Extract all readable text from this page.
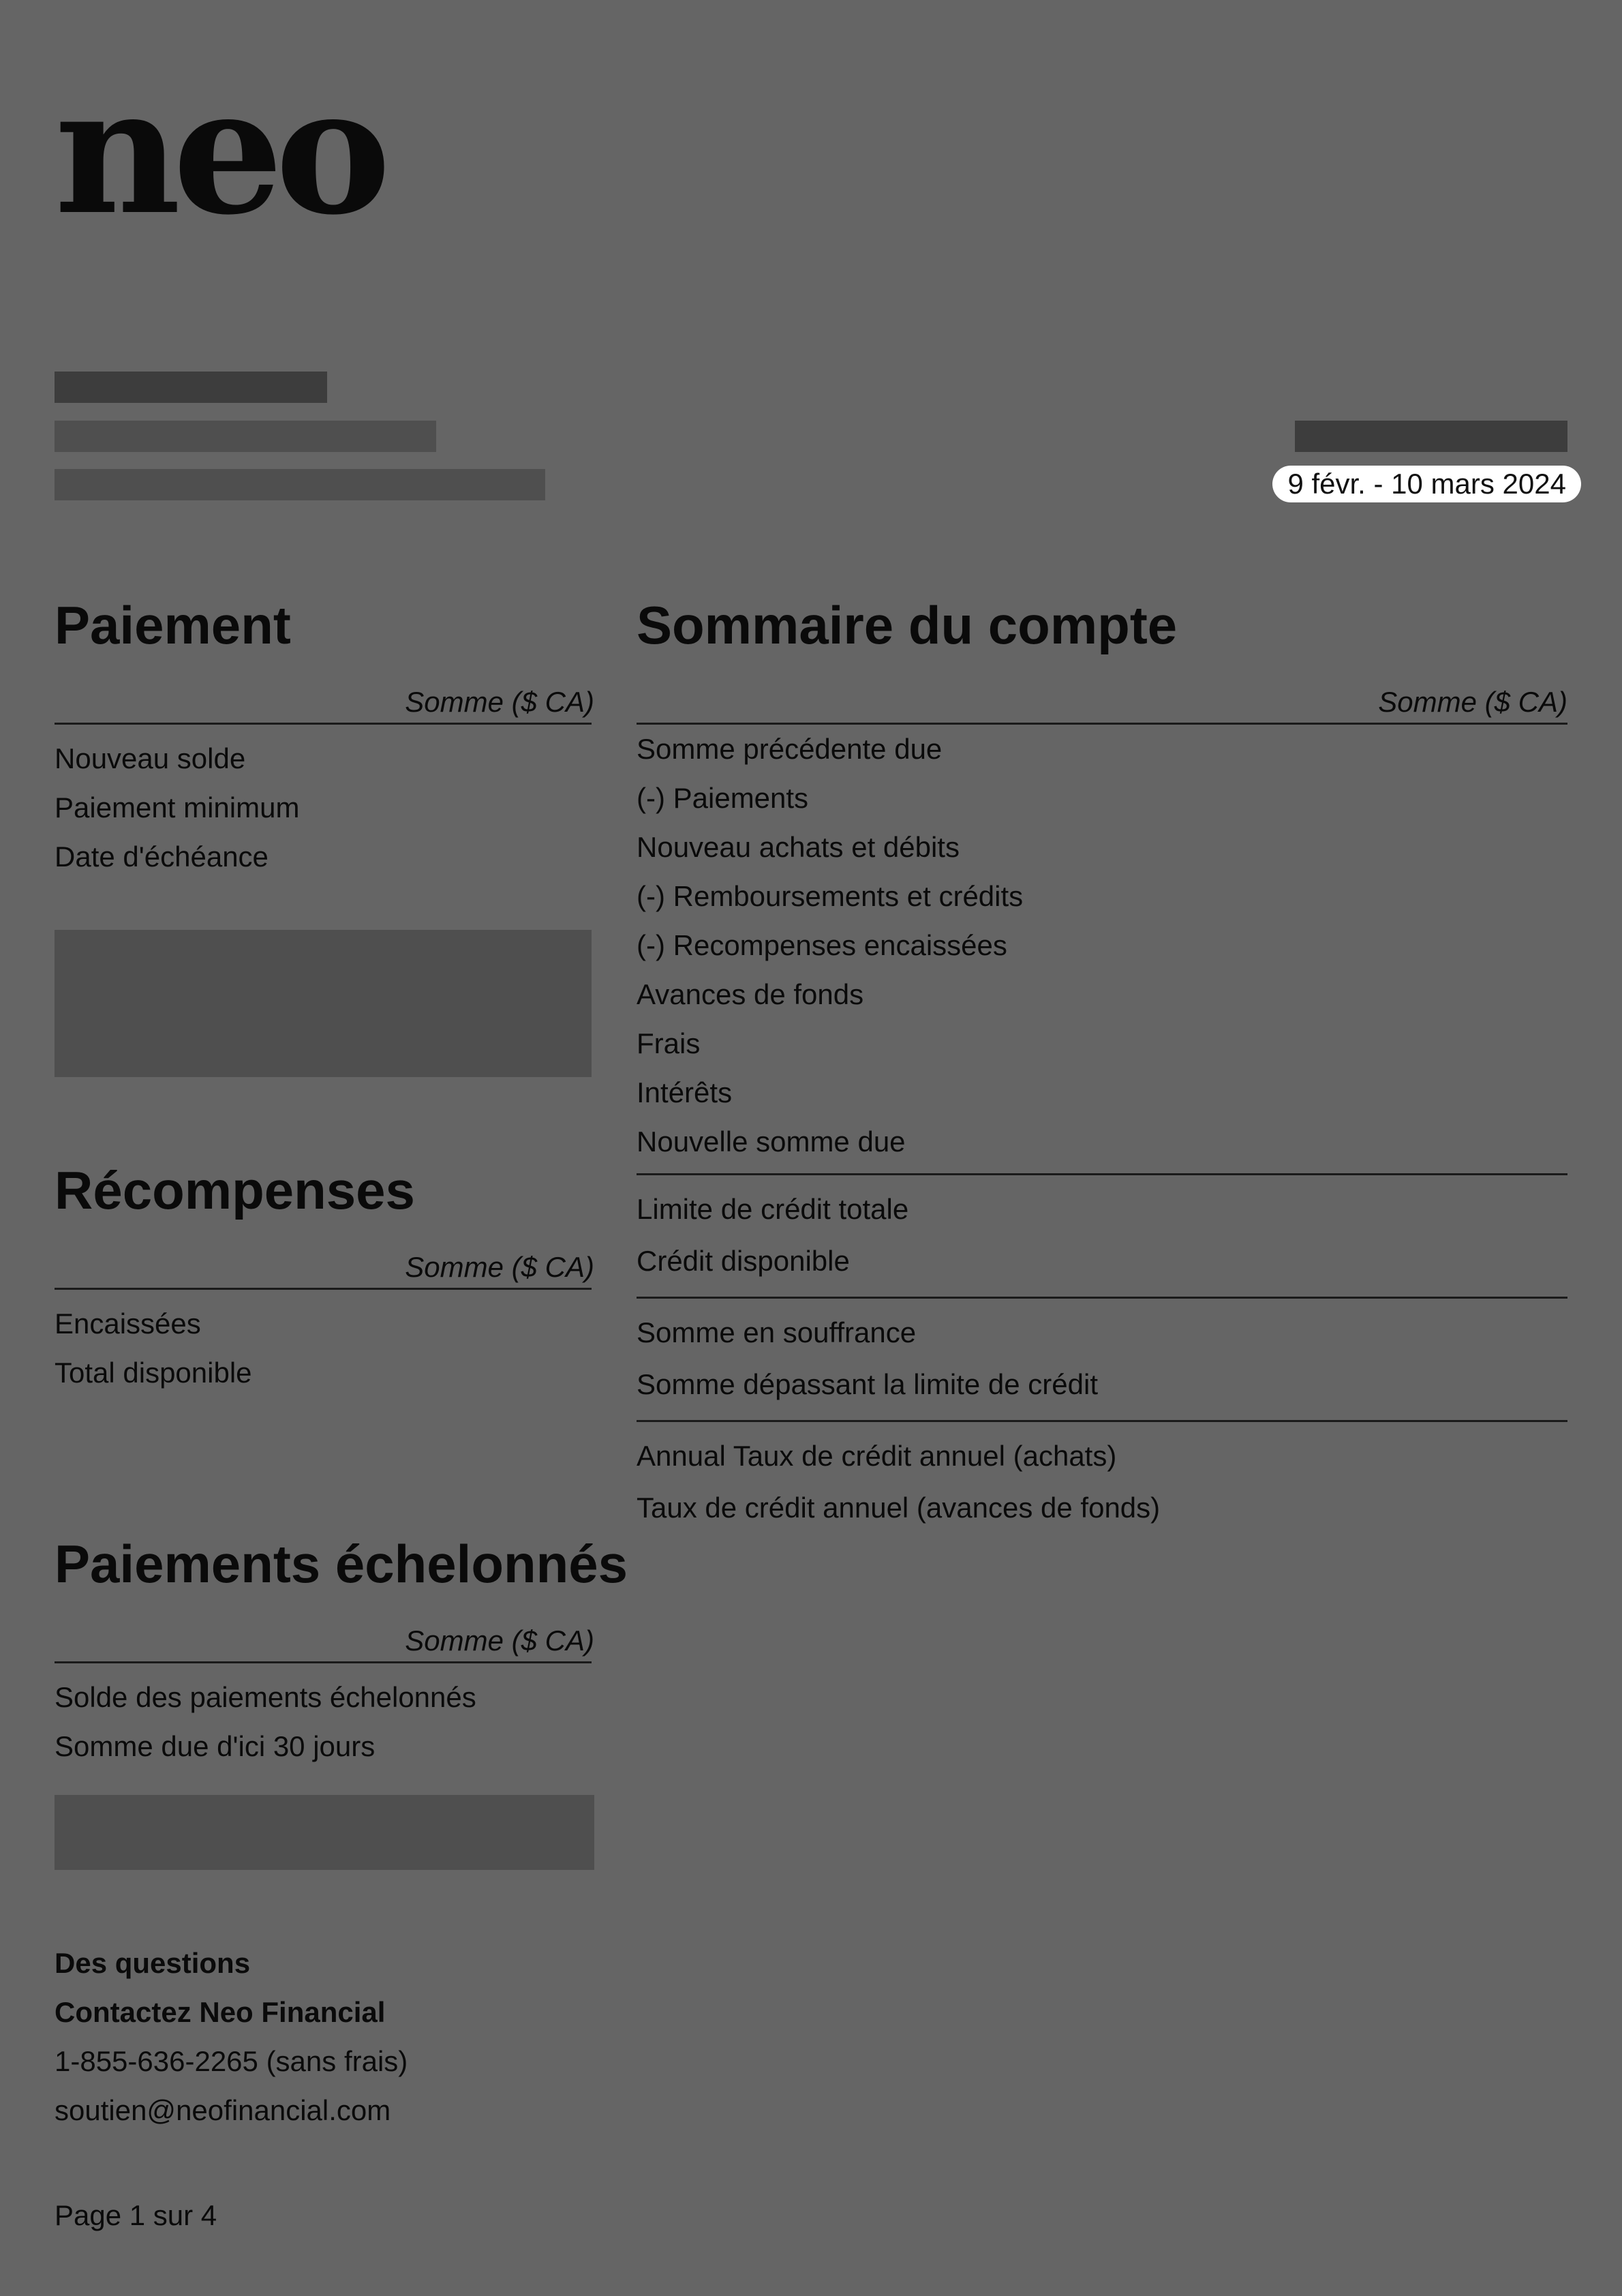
neo
9 févr. - 10 mars 2024
Paiement
Somme ($ CA)
Nouveau solde
Paiement minimum
Date d'échéance
Récompenses
Somme ($ CA)
Encaissées
Total disponible
Paiements échelonnés
Somme ($ CA)
Solde des paiements échelonnés
Somme due d'ici 30 jours
Sommaire du compte
Somme ($ CA)
Somme précédente due
(-) Paiements
Nouveau achats et débits
(-) Remboursements et crédits
(-) Recompenses encaissées
Avances de fonds
Frais
Intérêts
Nouvelle somme due
Limite de crédit totale
Crédit disponible
Somme en souffrance
Somme dépassant la limite de crédit
Annual Taux de crédit annuel (achats)
Taux de crédit annuel (avances de fonds)
Des questions
Contactez Neo Financial
1-855-636-2265 (sans frais)
soutien@neofinancial.com
Page 1 sur 4
